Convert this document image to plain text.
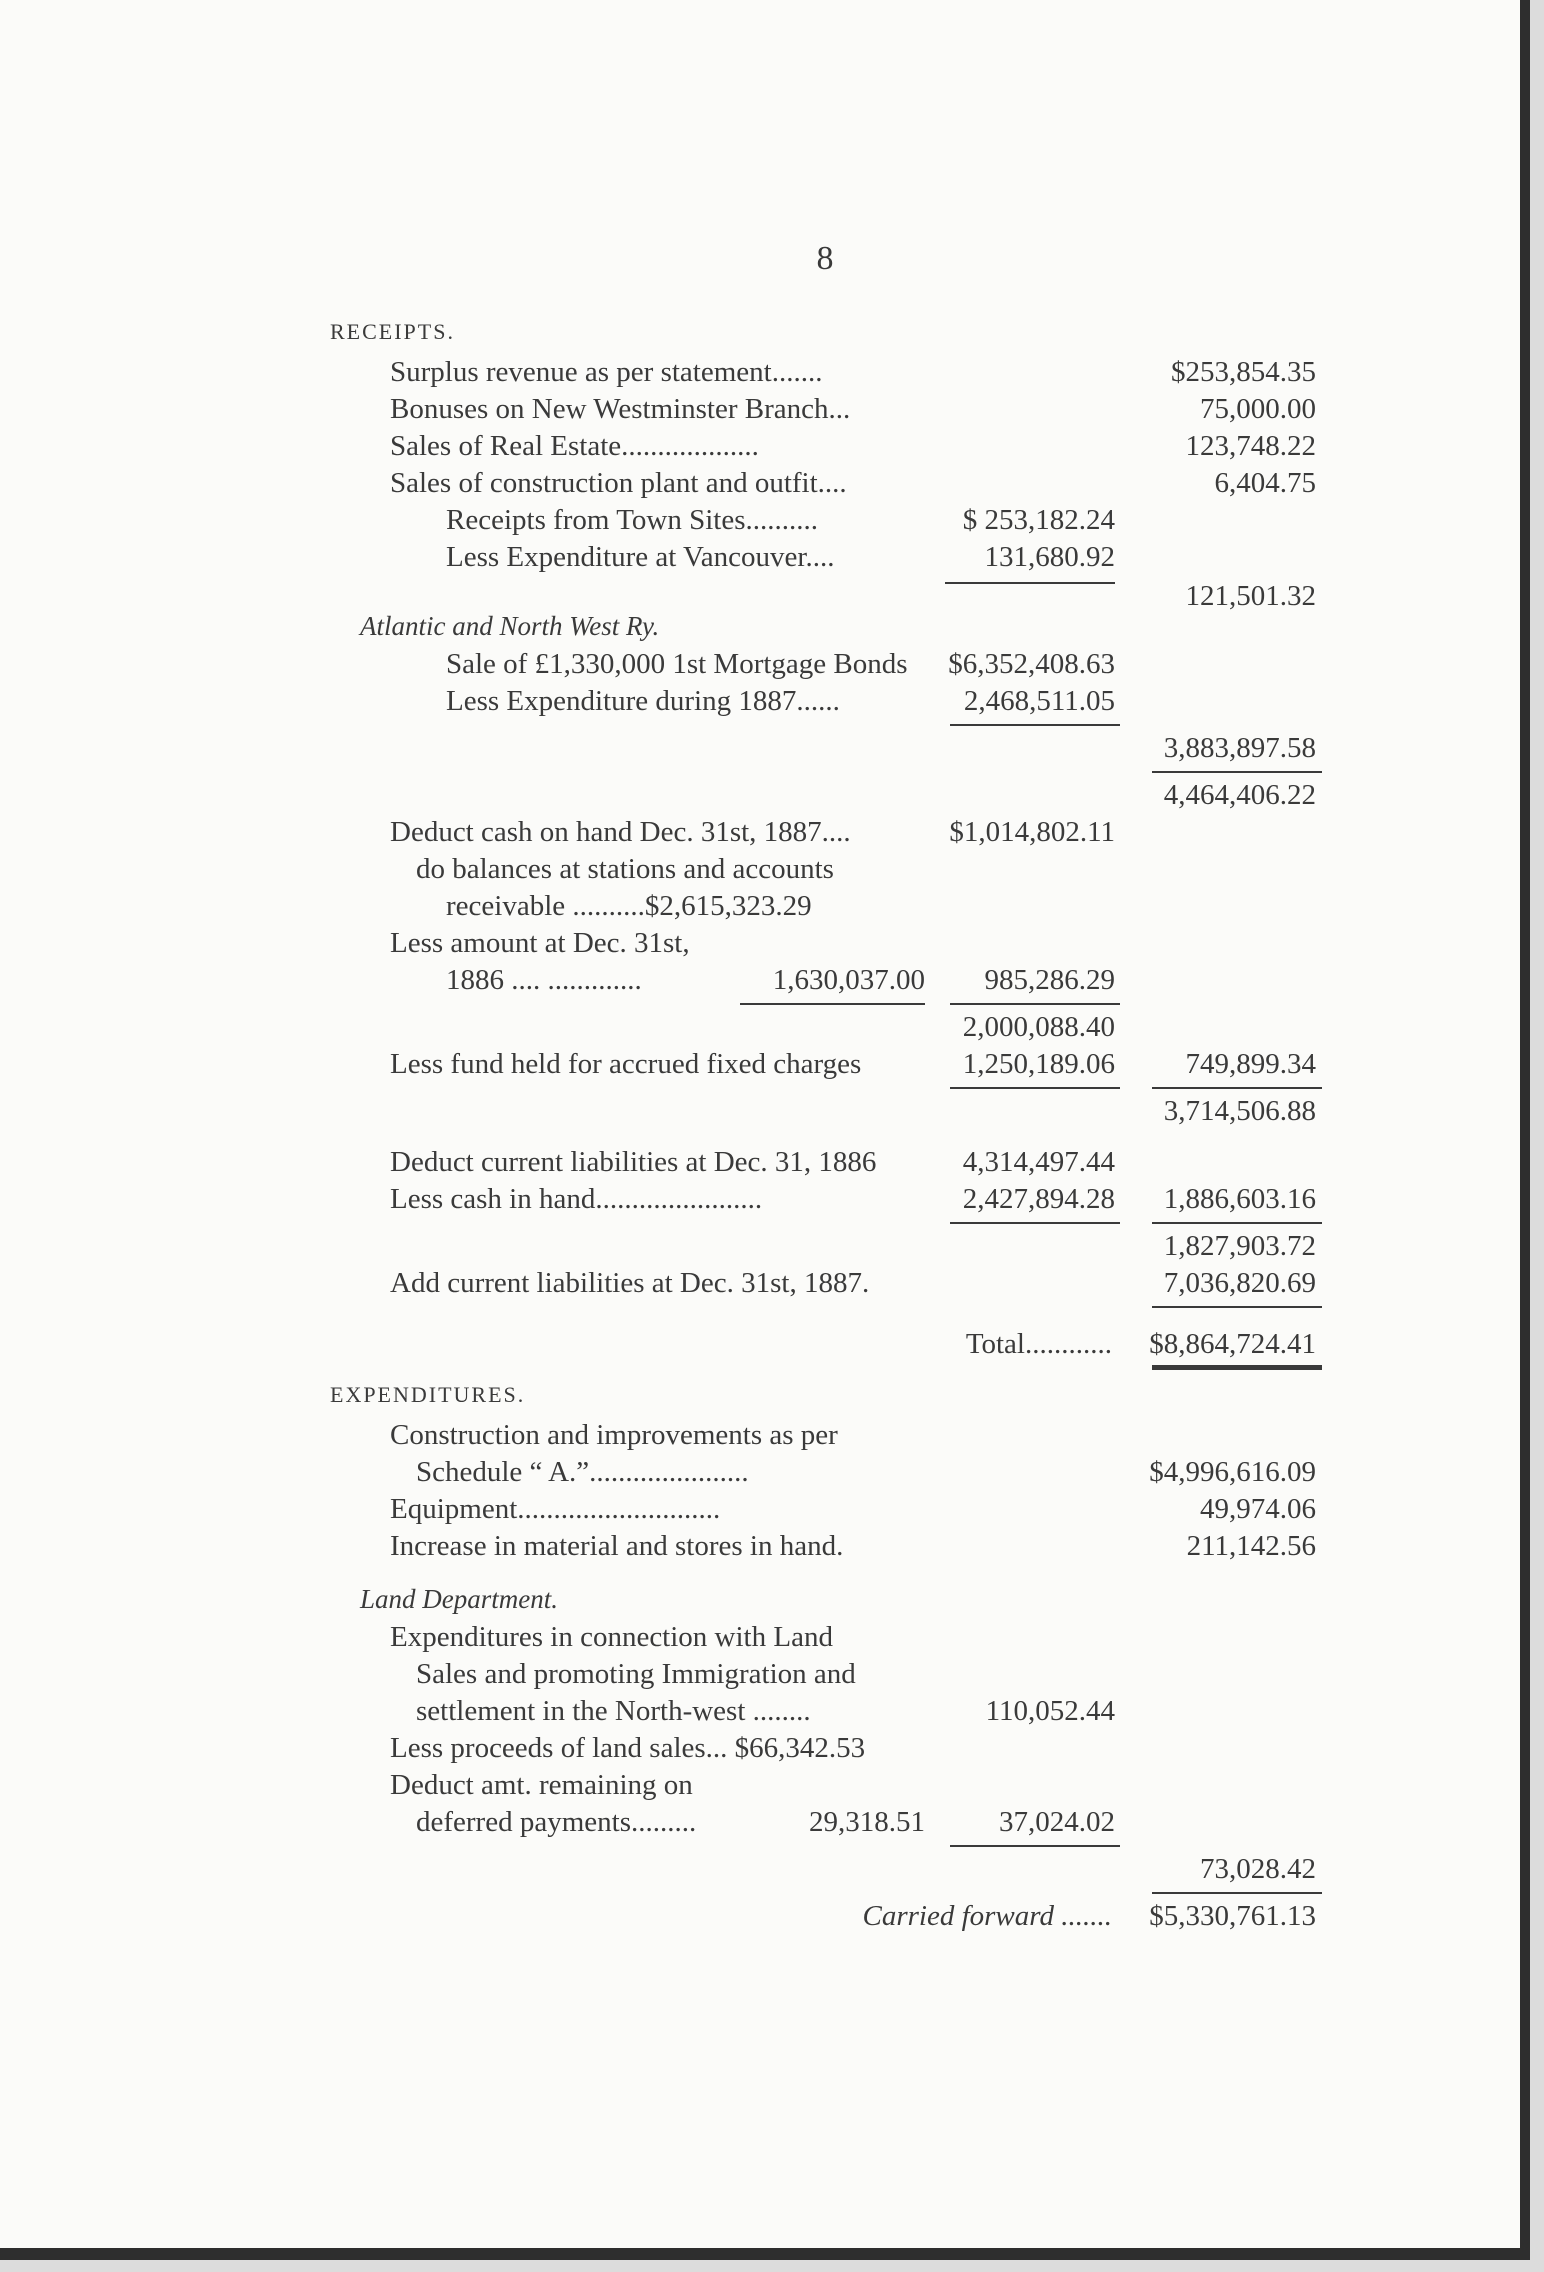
8
RECEIPTS.
Surplus revenue as per statement.......	$253,854.35
Bonuses on New Westminster Branch...	75,000.00
Sales of Real Estate...................	123,748.22
Sales of construction plant and outfit....	6,404.75
Receipts from Town Sites..........	$ 253,182.24
Less Expenditure at Vancouver....	131,680.92
121,501.32
Atlantic and North West Ry.
Sale of £1,330,000 1st Mortgage Bonds $6,352,408.63
Less Expenditure during 1887......	2,468,511.05
3,883,897.58
4,464,406.22
Deduct cash on hand Dec. 31st, 1887....	$1,014,802.11
do balances at stations and accounts
receivable ..........$2,615,323.29
Less amount at Dec. 31st,
1886 .... .............	1,630,037.00 985,286.29
2,000,088.40
Less fund held for accrued fixed charges	1,250,189.06 749,899.34
3,714,506.88
Deduct current liabilities at Dec. 31, 1886	4,314,497.44
Less cash in hand.......................	2,427,894.28 1,886,603.16
1,827,903.72
Add current liabilities at Dec. 31st, 1887.	7,036,820.69
Total............ $8,864,724.41
EXPENDITURES.
Construction and improvements as per
Schedule “ A.”......................	$4,996,616.09
Equipment............................	49,974.06
Increase in material and stores in hand.	211,142.56
Land Department.
Expenditures in connection with Land
Sales and promoting Immigration and
settlement in the North-west ........	110,052.44
Less proceeds of land sales... $66,342.53
Deduct amt. remaining on
deferred payments.........	29,318.51	37,024.02
73,028.42
Carried forward ....... $5,330,761.13
